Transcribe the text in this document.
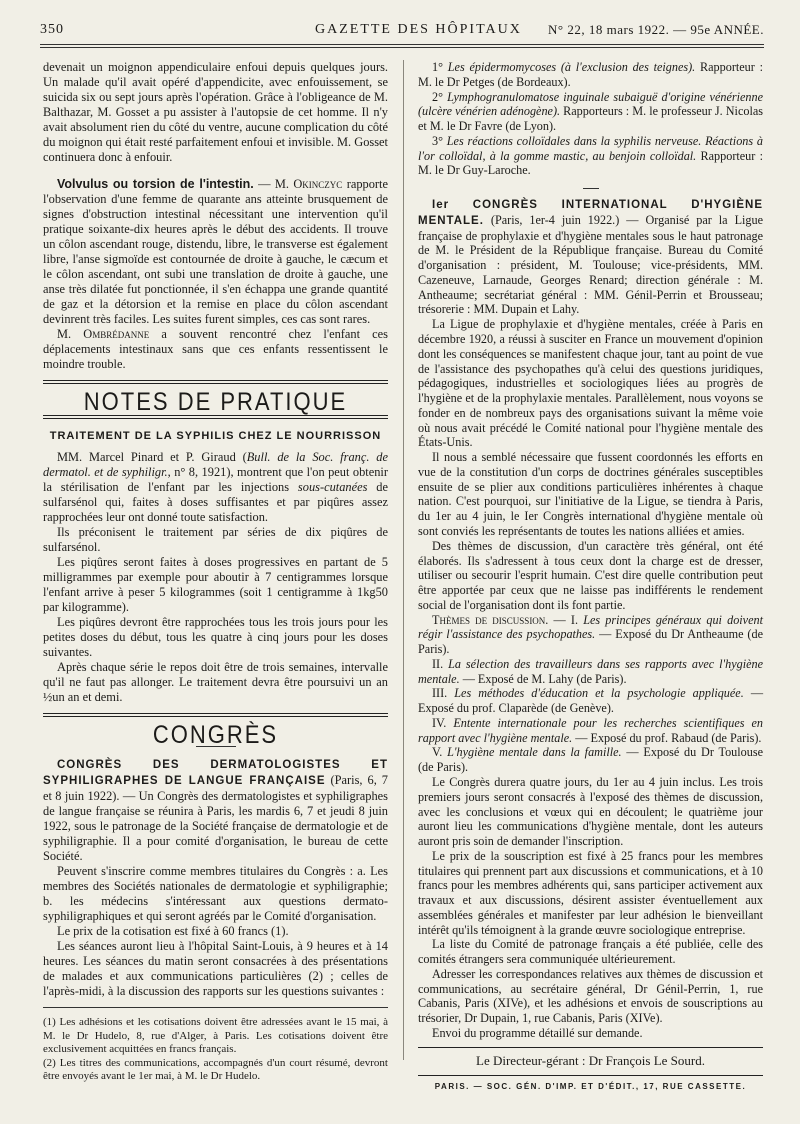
350	GAZETTE DES HÔPITAUX N° 22, 18 mars 1922. — 95e ANNÉE.

devenait un moignon appendiculaire enfoui depuis quelques jours. Un malade qu'il avait opéré d'appendicite, avec enfouissement, se suicida six ou sept jours après l'opération. Grâce à l'obligeance de M. Balthazar, M. Gosset a pu assister à l'autopsie de cet homme. Il n'y avait absolument rien du côté du ventre, aucune complication du côté du moignon qui était resté parfaitement enfoui et invisible. M. Gosset continuera donc à enfouir.

Volvulus ou torsion de l'intestin. — M. Okinczyc rapporte l'observation d'une femme de quarante ans atteinte brusquement de signes d'obstruction intestinal nécessitant une intervention qu'il pratique soixante-dix heures après le début des accidents. Il trouve un côlon ascendant rouge, distendu, libre, le transverse est également libre, l'anse sigmoïde est contournée de droite à gauche, le cæcum et le côlon ascendant, ont subi une translation de droite à gauche, une anse très dilatée fut ponctionnée, il s'en échappa une grande quantité de gaz et la détorsion et la remise en place du côlon ascendant devinrent très faciles. Les suites furent simples, ces cas sont rares.

M. Ombrédanne a souvent rencontré chez l'enfant ces déplacements intestinaux sans que ces enfants ressentissent le moindre trouble.

NOTES DE PRATIQUE
TRAITEMENT DE LA SYPHILIS CHEZ LE NOURRISSON

MM. Marcel Pinard et P. Giraud (Bull. de la Soc. franç. de dermatol. et de syphiligr., n° 8, 1921), montrent que l'on peut obtenir la stérilisation de l'enfant par les injections sous-cutanées de sulfarsénol qui, faites à doses suffisantes et par piqûres assez rapprochées leur ont donné toute satisfaction.

Ils préconisent le traitement par séries de dix piqûres de sulfarsénol.

Les piqûres seront faites à doses progressives en partant de 5 milligrammes par exemple pour aboutir à 7 centigrammes lorsque l'enfant arrive à peser 5 kilogrammes (soit 1 centigramme à 1kg50 par kilogramme).

Les piqûres devront être rapprochées tous les trois jours pour les petites doses du début, tous les quatre à cinq jours pour les doses suivantes.

Après chaque série le repos doit être de trois semaines, intervalle qu'il ne faut pas allonger. Le traitement devra être poursuivi un an ½un an et demi.

CONGRÈS

CONGRÈS DES DERMATOLOGISTES ET SYPHILIGRAPHES DE LANGUE FRANÇAISE (Paris, 6, 7 et 8 juin 1922). — Un Congrès des dermatologistes et syphiligraphes de langue française se réunira à Paris, les mardis 6, 7 et jeudi 8 juin 1922, sous le patronage de la Société française de dermatologie et de syphiligraphie. Il a pour comité d'organisation, le bureau de cette Société.

Peuvent s'inscrire comme membres titulaires du Congrès : a. Les membres des Sociétés nationales de dermatologie et syphiligraphie; b. les médecins s'intéressant aux questions dermato-syphiligraphiques et qui seront agréés par le Comité d'organisation.

Le prix de la cotisation est fixé à 60 francs (1).

Les séances auront lieu à l'hôpital Saint-Louis, à 9 heures et à 14 heures. Les séances du matin seront consacrées à des présentations de malades et aux communications particulières (2) ; celles de l'après-midi, à la discussion des rapports sur les questions suivantes :

(1) Les adhésions et les cotisations doivent être adressées avant le 15 mai, à M. le Dr Hudelo, 8, rue d'Alger, à Paris. Les cotisations doivent être exclusivement acquittées en francs français.

(2) Les titres des communications, accompagnés d'un court résumé, devront être envoyés avant le 1er mai, à M. le Dr Hudelo.

1° Les épidermomycoses (à l'exclusion des teignes). Rapporteur : M. le Dr Petges (de Bordeaux).

2° Lymphogranulomatose inguinale subaiguë d'origine vénérienne (ulcère vénérien adénogène). Rapporteurs : M. le professeur J. Nicolas et M. le Dr Favre (de Lyon).

3° Les réactions colloïdales dans la syphilis nerveuse. Réactions à l'or colloïdal, à la gomme mastic, au benjoin colloïdal. Rapporteur : M. le Dr Guy-Laroche.

Ier CONGRÈS INTERNATIONAL D'HYGIÈNE MENTALE. (Paris, 1er-4 juin 1922.) — Organisé par la Ligue française de prophylaxie et d'hygiène mentales sous le haut patronage de M. le Président de la République française. Bureau du Comité d'organisation : président, M. Toulouse; vice-présidents, MM. Cazeneuve, Larnaude, Georges Renard; direction générale : M. Antheaume; secrétariat général : MM. Génil-Perrin et Brousseau; trésorerie : MM. Dupain et Lahy.

La Ligue de prophylaxie et d'hygiène mentales, créée à Paris en décembre 1920, a réussi à susciter en France un mouvement d'opinion dont les conséquences se manifestent chaque jour, tant au point de vue de l'assistance des psychopathes qu'à celui des questions juridiques, pédagogiques, industrielles et sociologiques liées au progrès de l'hygiène et de la prophylaxie mentales. Parallèlement, nous voyons se fonder en de nombreux pays des organisations suivant la même voie où nous avait précédé le Comité national pour l'hygiène mentale des États-Unis.

Il nous a semblé nécessaire que fussent coordonnés les efforts en vue de la constitution d'un corps de doctrines générales susceptibles ensuite de se plier aux conditions particulières inhérentes à chaque nation. C'est pourquoi, sur l'initiative de la Ligue, se tiendra à Paris, du 1er au 4 juin, le Ier Congrès international d'hygiène mentale où sont conviés les représentants de toutes les nations alliées et amies.

Des thèmes de discussion, d'un caractère très général, ont été élaborés. Ils s'adressent à tous ceux dont la charge est de dresser, utiliser ou secourir l'esprit humain. C'est dire quelle contribution peut être apportée par ceux que ne laisse pas indifférents le rendement social de l'organisation dont ils font partie.

Thèmes de discussion. — I. Les principes généraux qui doivent régir l'assistance des psychopathes. — Exposé du Dr Antheaume (de Paris).

II. La sélection des travailleurs dans ses rapports avec l'hygiène mentale. — Exposé de M. Lahy (de Paris).

III. Les méthodes d'éducation et la psychologie appliquée. — Exposé du prof. Claparède (de Genève).

IV. Entente internationale pour les recherches scientifiques en rapport avec l'hygiène mentale. — Exposé du prof. Rabaud (de Paris).

V. L'hygiène mentale dans la famille. — Exposé du Dr Toulouse (de Paris).

Le Congrès durera quatre jours, du 1er au 4 juin inclus. Les trois premiers jours seront consacrés à l'exposé des thèmes de discussion, avec les conclusions et vœux qui en découlent; le quatrième jour auront lieu les communications d'hygiène mentale, dont les auteurs auront pris soin de demander l'inscription.

Le prix de la souscription est fixé à 25 francs pour les membres titulaires qui prennent part aux discussions et communications, et à 10 francs pour les membres adhérents qui, sans participer activement aux travaux et aux discussions, désirent assister éventuellement aux assemblées générales et manifester par leur adhésion le bienveillant intérêt qu'ils témoignent à la grande œuvre sociologique entreprise.

La liste du Comité de patronage français a été publiée, celle des comités étrangers sera communiquée ultérieurement.

Adresser les correspondances relatives aux thèmes de discussion et communications, au secrétaire général, Dr Génil-Perrin, 1, rue Cabanis, Paris (XIVe), et les adhésions et envois de souscriptions au trésorier, Dr Dupain, 1, rue Cabanis, Paris (XIVe).

Envoi du programme détaillé sur demande.

Le Directeur-gérant : Dr François Le Sourd.
PARIS. — SOC. GÉN. D'IMP. ET D'ÉDIT., 17, RUE CASSETTE.
